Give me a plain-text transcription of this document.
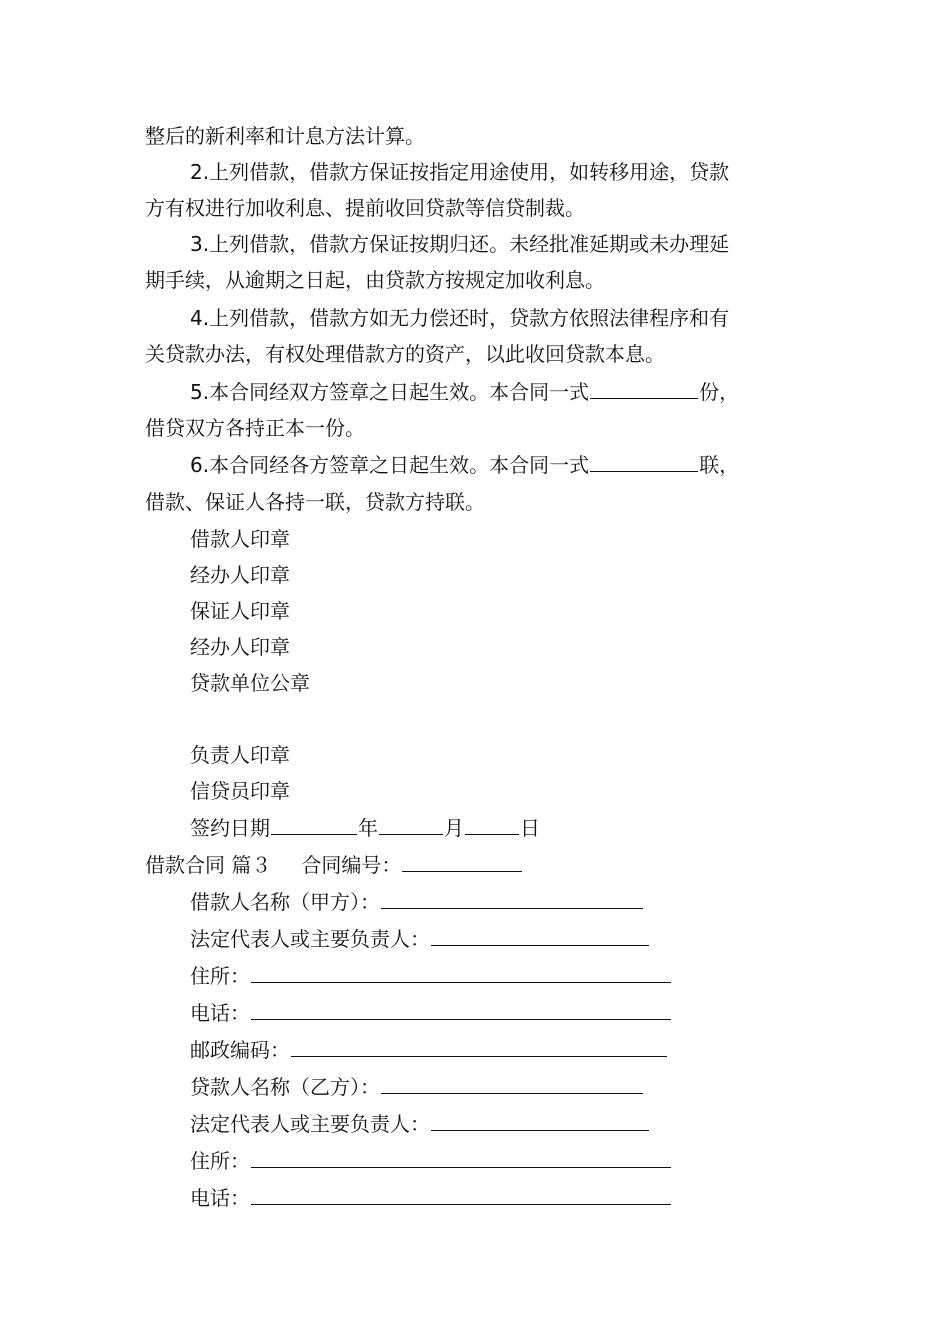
整后的新利率和计息方法计算。
2.上列借款，借款方保证按指定用途使用，如转移用途，贷款
方有权进行加收利息、提前收回贷款等信贷制裁。
3.上列借款，借款方保证按期归还。未经批准延期或未办理延
期手续，从逾期之日起，由贷款方按规定加收利息。
4.上列借款，借款方如无力偿还时，贷款方依照法律程序和有
关贷款办法，有权处理借款方的资产，以此收回贷款本息。
5.本合同经双方签章之日起生效。本合同一式	份，
借贷双方各持正本一份。
6.本合同经各方签章之日起生效。本合同一式	联，
借款、保证人各持一联，贷款方持联。
借款人印章
经办人印章
保证人印章
经办人印章
贷款单位公章
负责人印章
信贷员印章
签约日期	年	月	日
借款合同 篇３ 合同编号：
借款人名称（甲方）：
法定代表人或主要负责人：
住所：
电话：
邮政编码：
贷款人名称（乙方）：
法定代表人或主要负责人：
住所：
电话：
